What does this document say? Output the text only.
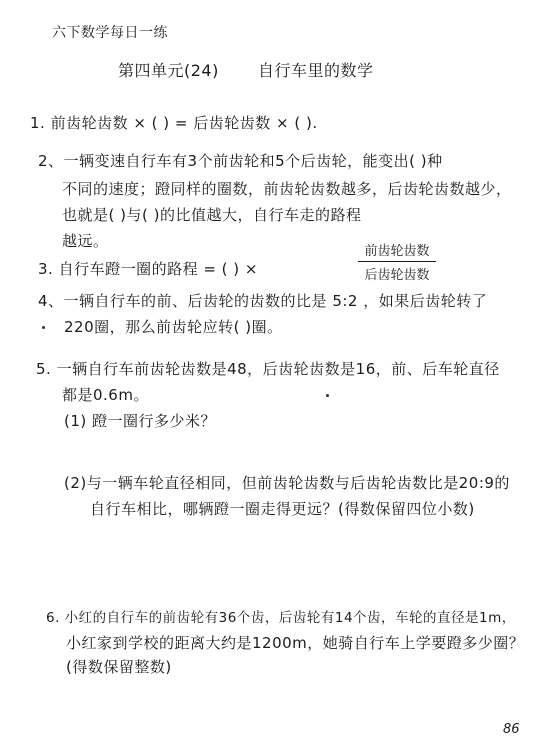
六下数学每日一练
第四单元(24) 自行车里的数学
1. 前齿轮齿数 × ( ) = 后齿轮齿数 × ( ).
2、一辆变速自行车有3个前齿轮和5个后齿轮，能变出( )种
不同的速度；蹬同样的圈数，前齿轮齿数越多，后齿轮齿数越少，
也就是( )与( )的比值越大，自行车走的路程
越远。
3. 自行车蹬一圈的路程 = ( ) ×
前齿轮齿数
后齿轮齿数
4、一辆自行车的前、后齿轮的齿数的比是 5:2 ，如果后齿轮转了
220圈，那么前齿轮应转( )圈。
5. 一辆自行车前齿轮齿数是48，后齿轮齿数是16，前、后车轮直径
都是0.6m。
(1) 蹬一圈行多少米？
(2)与一辆车轮直径相同，但前齿轮齿数与后齿轮齿数比是20:9的
自行车相比，哪辆蹬一圈走得更远？(得数保留四位小数)
6. 小红的自行车的前齿轮有36个齿，后齿轮有14个齿，车轮的直径是1m，
小红家到学校的距离大约是1200m，她骑自行车上学要蹬多少圈？
(得数保留整数)
86
